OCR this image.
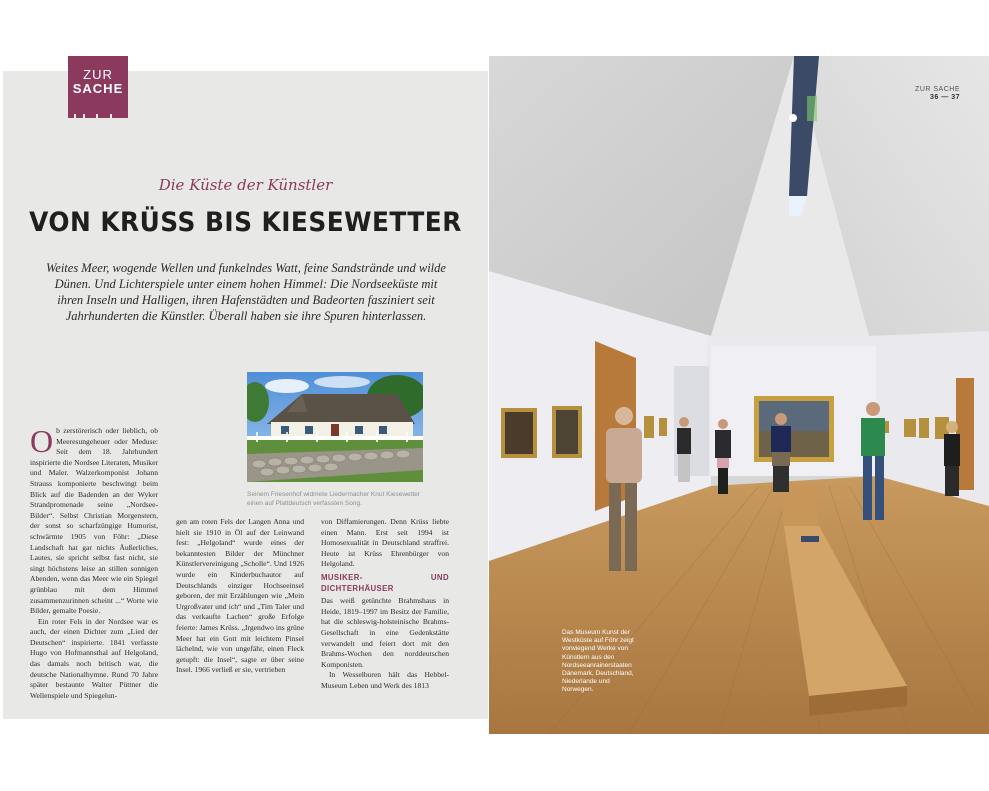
Die Küste der Künstler
VON KRÜSS BIS KIESEWETTER
Weites Meer, wogende Wellen und funkelndes Watt, feine Sandstrände und wilde Dünen. Und Lichterspiele unter einem hohen Himmel: Die Nordseeküste mit ihren Inseln und Halligen, ihren Hafenstädten und Badeorten fasziniert seit Jahrhunderten die Künstler. Überall haben sie ihre Spuren hinterlassen.
Seinem Friesenhof widmete Liedermacher Knut Kiesewetter einen auf Plattdeutsch verfassten Song.

Ob zerstörerisch oder lieblich, ob Meeresungeheuer oder Meduse: Seit dem 18. Jahrhundert inspirierte die Nordsee Literaten, Musiker und Maler. Walzerkomponist Johann Strauss komponierte beschwingt beim Blick auf die Badenden an der Wyker Strandpromenade seine „Nordsee-Bilder“. Selbst Christian Morgenstern, der sonst so scharfzüngige Humorist, schwärmte 1905 von Föhr: „Diese Landschaft hat gar nichts Äußerliches, Lautes, sie spricht selbst fast nicht, sie singt höchstens leise an stillen sonnigen Abenden, wenn das Meer wie ein Spiegel grünblau mit dem Himmel zusammenzurinnen scheint ...“ Worte wie Bilder, gemalte Poesie.

Ein roter Fels in der Nordsee war es auch, der einen Dichter zum „Lied der Deutschen“ inspirierte. 1841 verfasste Hugo von Hofmannsthal auf Helgoland, das damals noch britisch war, die deutsche Nationalhymne. Rund 70 Jahre später bestaunte Walter Püttner die Wellenspiele und Spiegelun-

gen am roten Fels der Langen Anna und hielt sie 1910 in Öl auf der Leinwand fest: „Helgoland“ wurde eines der bekanntesten Bilder der Münchner Künstlervereinigung „Scholle“. Und 1926 wurde ein Kinderbuchautor auf Deutschlands einziger Hochseeinsel geboren, der mit Erzählungen wie „Mein Urgroßvater und ich“ und „Tim Taler und das verkaufte Lachen“ große Erfolge feierte: James Krüss. „Irgendwo ins grüne Meer hat ein Gott mit leichtem Pinsel lächelnd, wie von ungefähr, einen Fleck getupft: die Insel“, sagte er über seine Insel. 1966 verließ er sie, vertrieben

von Diffamierungen. Denn Krüss liebte einen Mann. Erst seit 1994 ist Homosexualität in Deutschland straffrei. Heute ist Krüss Ehrenbürger von Helgoland.

MUSIKER- UND DICHTERHÄUSER

Das weiß getünchte Brahmshaus in Heide, 1819–1997 im Besitz der Familie, hat die schleswig-holsteinische Brahms-Gesellschaft in eine Gedenkstätte verwandelt und feiert dort mit den Brahms-Wochen den norddeutschen Komponisten.

In Wesselburen hält das Hebbel-Museum Leben und Werk des 1813

ZUR
SACHE	ZUR SACHE
36 — 37
Das Museum Kunst der Westküste auf Föhr zeigt vorwiegend Werke von Künstlern aus den Nordseeanrainerstaaten Dänemark, Deutschland, Niederlande und Norwegen.
